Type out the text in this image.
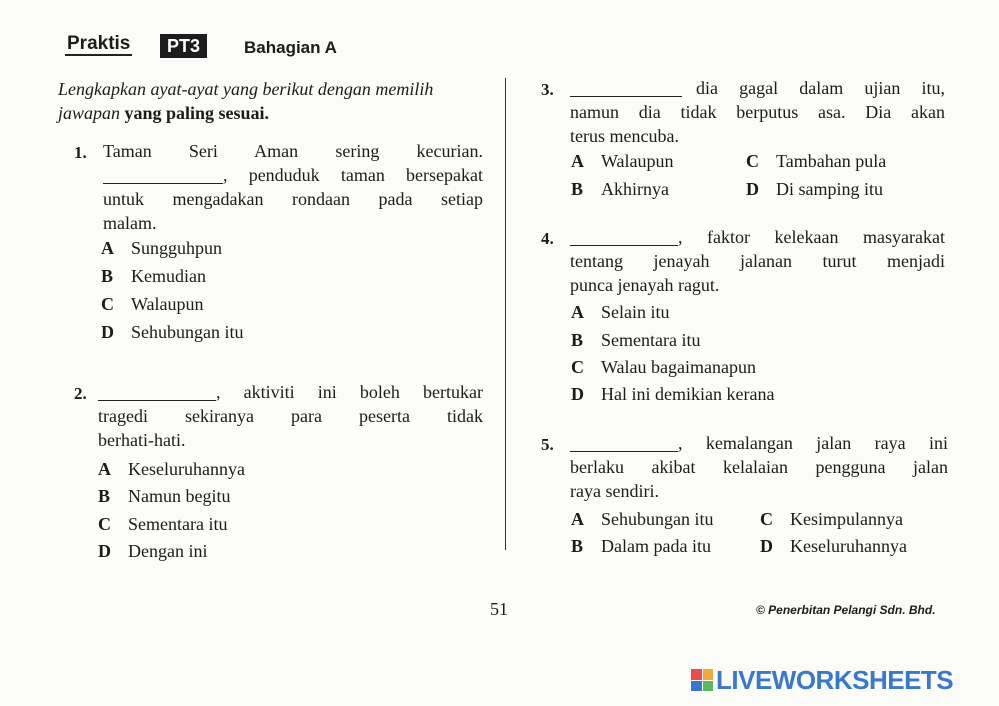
Praktis	PT3	Bahagian A
Lengkapkan ayat-ayat yang berikut dengan memilih jawapan yang paling sesuai.
1. Taman Seri Aman sering kecurian.
, penduduk taman bersepakat
untuk mengadakan rondaan pada setiap
malam.
A Sungguhpun
B Kemudian
C Walaupun
D Sehubungan itu
2.	, aktiviti ini boleh bertukar
tragedi sekiranya para peserta tidak
berhati-hati.
A Keseluruhannya
B Namun begitu
C Sementara itu
D Dengan ini
3.	dia gagal dalam ujian itu,
namun dia tidak berputus asa. Dia akan
terus mencuba.
A Walaupun	C Tambahan pula
B Akhirnya	D Di samping itu
4.	, faktor kelekaan masyarakat
tentang jenayah jalanan turut menjadi
punca jenayah ragut.
A Selain itu
B Sementara itu
C Walau bagaimanapun
D Hal ini demikian kerana
5.	, kemalangan jalan raya ini
berlaku akibat kelalaian pengguna jalan
raya sendiri.
A Sehubungan itu	C Kesimpulannya
B Dalam pada itu	D Keseluruhannya
51	© Penerbitan Pelangi Sdn. Bhd.
LIVEWORKSHEETS
